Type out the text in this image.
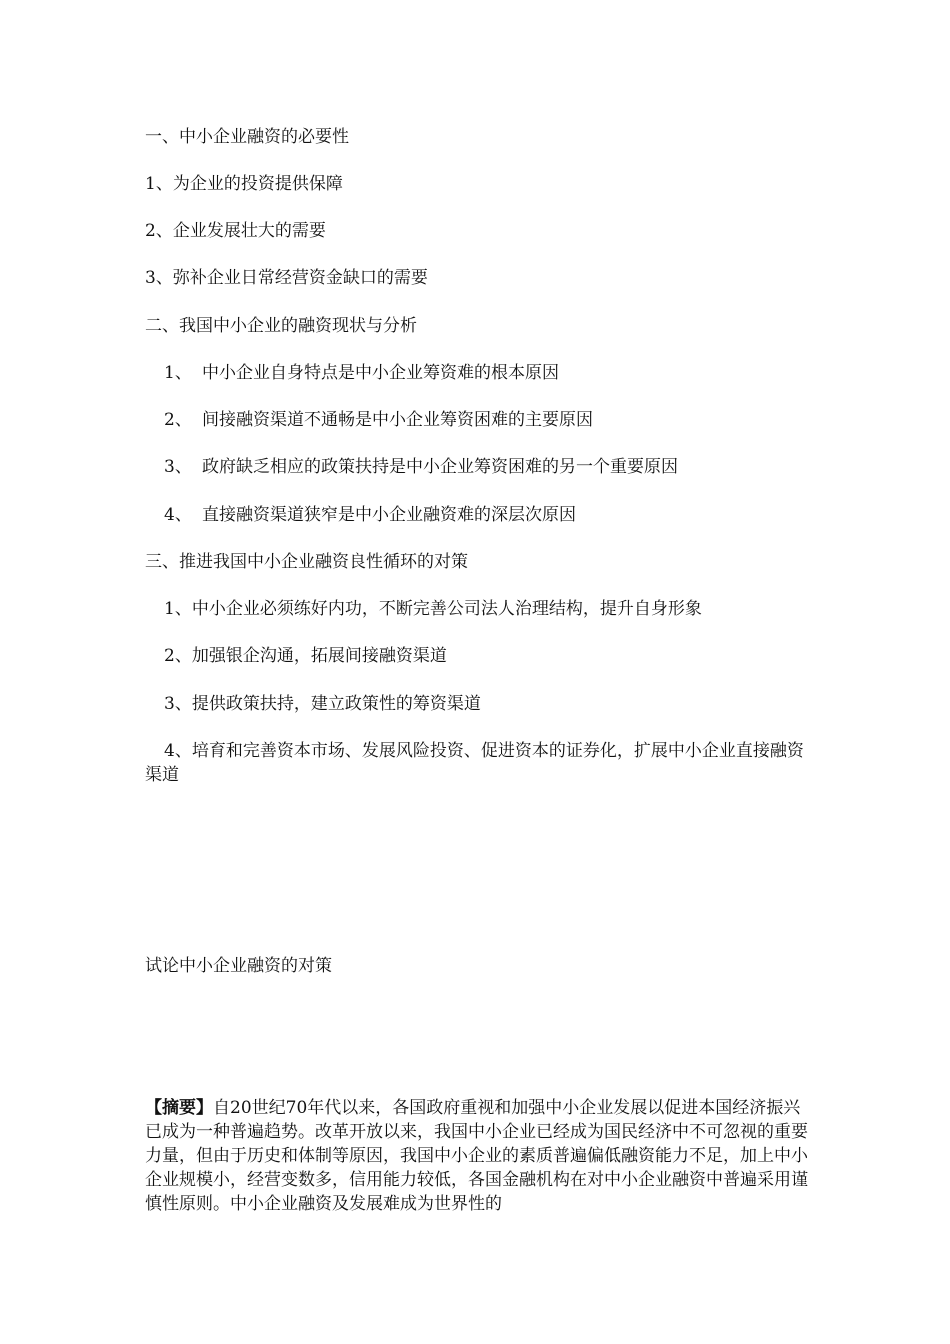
一、中小企业融资的必要性
1、为企业的投资提供保障
2、企业发展壮大的需要
3、弥补企业日常经营资金缺口的需要
二、我国中小企业的融资现状与分析
1、 中小企业自身特点是中小企业筹资难的根本原因
2、 间接融资渠道不通畅是中小企业筹资困难的主要原因
3、 政府缺乏相应的政策扶持是中小企业筹资困难的另一个重要原因
4、 直接融资渠道狭窄是中小企业融资难的深层次原因
三、推进我国中小企业融资良性循环的对策
1、中小企业必须练好内功，不断完善公司法人治理结构，提升自身形象
2、加强银企沟通，拓展间接融资渠道
3、提供政策扶持，建立政策性的筹资渠道
4、培育和完善资本市场、发展风险投资、促进资本的证券化，扩展中小企业直接融资渠道
试论中小企业融资的对策
【摘要】自20世纪70年代以来，各国政府重视和加强中小企业发展以促进本国经济振兴已成为一种普遍趋势。改革开放以来，我国中小企业已经成为国民经济中不可忽视的重要力量，但由于历史和体制等原因，我国中小企业的素质普遍偏低融资能力不足，加上中小企业规模小，经营变数多，信用能力较低，各国金融机构在对中小企业融资中普遍采用谨慎性原则。中小企业融资及发展难成为世界性的
